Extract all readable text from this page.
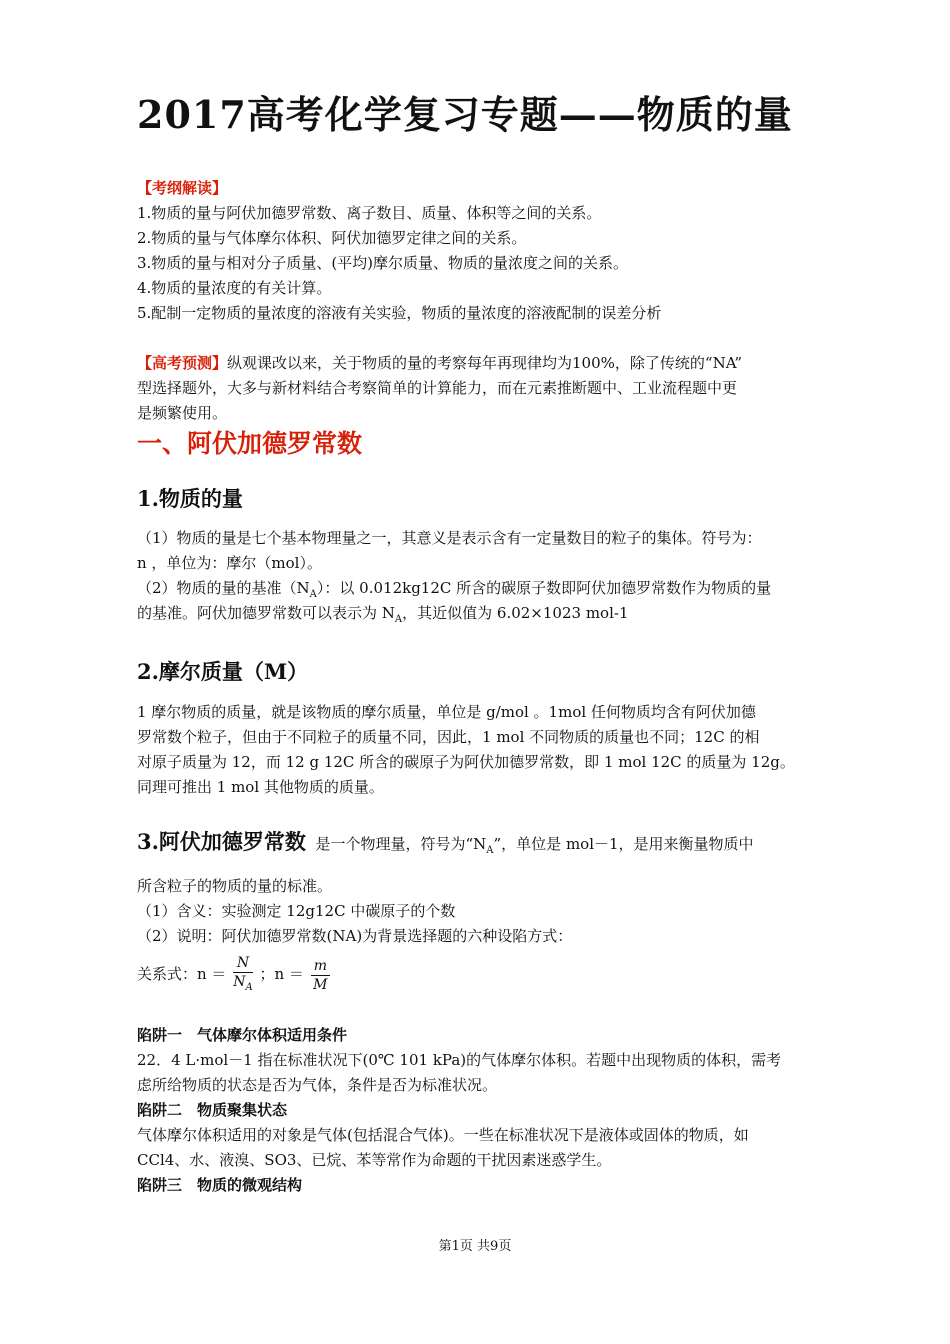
2017高考化学复习专题——物质的量
【考纲解读】
1.物质的量与阿伏加德罗常数、离子数目、质量、体积等之间的关系。
2.物质的量与气体摩尔体积、阿伏加德罗定律之间的关系。
3.物质的量与相对分子质量、(平均)摩尔质量、物质的量浓度之间的关系。
4.物质的量浓度的有关计算。
5.配制一定物质的量浓度的溶液有关实验，物质的量浓度的溶液配制的误差分析
【高考预测】纵观课改以来，关于物质的量的考察每年再现律均为100%，除了传统的“NA”
型选择题外，大多与新材料结合考察简单的计算能力，而在元素推断题中、工业流程题中更
是频繁使用。
一、阿伏加德罗常数
1.物质的量
（1）物质的量是七个基本物理量之一，其意义是表示含有一定量数目的粒子的集体。符号为：
n ，单位为：摩尔（mol）。
（2）物质的量的基准$(N_A)$：以 0.012kg12C 所含的碳原子数即阿伏加德罗常数作为物质的量
的基准。阿伏加德罗常数可以表示为 $N_A$，其近似值为 6.02×1023 mol-1
2.摩尔质量（M）
1 摩尔物质的质量，就是该物质的摩尔质量，单位是 g/mol 。1mol 任何物质均含有阿伏加德
罗常数个粒子，但由于不同粒子的质量不同，因此，1 mol 不同物质的质量也不同；12C 的相
对原子质量为 12，而 12 g 12C 所含的碳原子为阿伏加德罗常数，即 1 mol 12C 的质量为 12g。
同理可推出 1 mol 其他物质的质量。
3.阿伏加德罗常数 是一个物理量，符号为“$N_A$”，单位是 mol－1，是用来衡量物质中
所含粒子的物质的量的标准。
（1）含义：实验测定 12g12C 中碳原子的个数
（2）说明：阿伏加德罗常数(NA)为背景选择题的六种设陷方式：
关系式：$n = \frac{N}{N_A}$ ；$n = \frac{m}{M}$
陷阱一　气体摩尔体积适用条件
22．4 L·mol－1 指在标准状况下(0℃ 101 kPa)的气体摩尔体积。若题中出现物质的体积，需考
虑所给物质的状态是否为气体，条件是否为标准状况。
陷阱二　物质聚集状态
气体摩尔体积适用的对象是气体(包括混合气体)。一些在标准状况下是液体或固体的物质，如
CCl4、水、液溴、SO3、已烷、苯等常作为命题的干扰因素迷惑学生。
陷阱三　物质的微观结构
第1页 共9页
